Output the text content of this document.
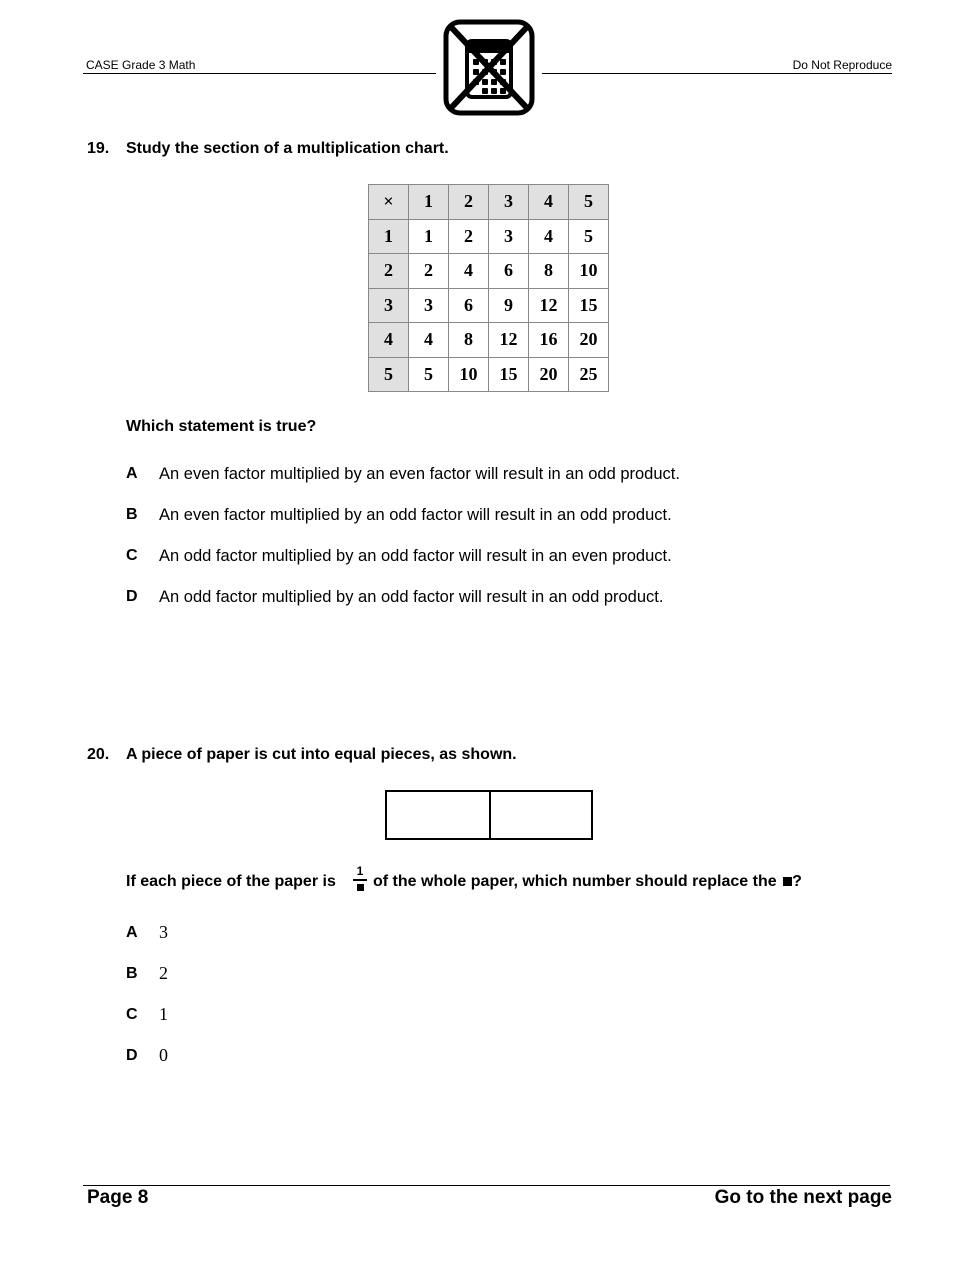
CASE Grade 3 Math	Do Not Reproduce
19. Study the section of a multiplication chart.
×	1	2	3	4	5
1	1	2	3	4	5
2	2	4	6	8	10
3	3	6	9	12	15
4	4	8	12	16	20
5	5	10	15	20	25
Which statement is true?
A An even factor multiplied by an even factor will result in an odd product.
B An even factor multiplied by an odd factor will result in an odd product.
C An odd factor multiplied by an odd factor will result in an even product.
D An odd factor multiplied by an odd factor will result in an odd product.
20. A piece of paper is cut into equal pieces, as shown.
If each piece of the paper is
1
of the whole paper, which number should replace the ?
A 3
B 2
C 1
D 0
Page 8	Go to the next page
